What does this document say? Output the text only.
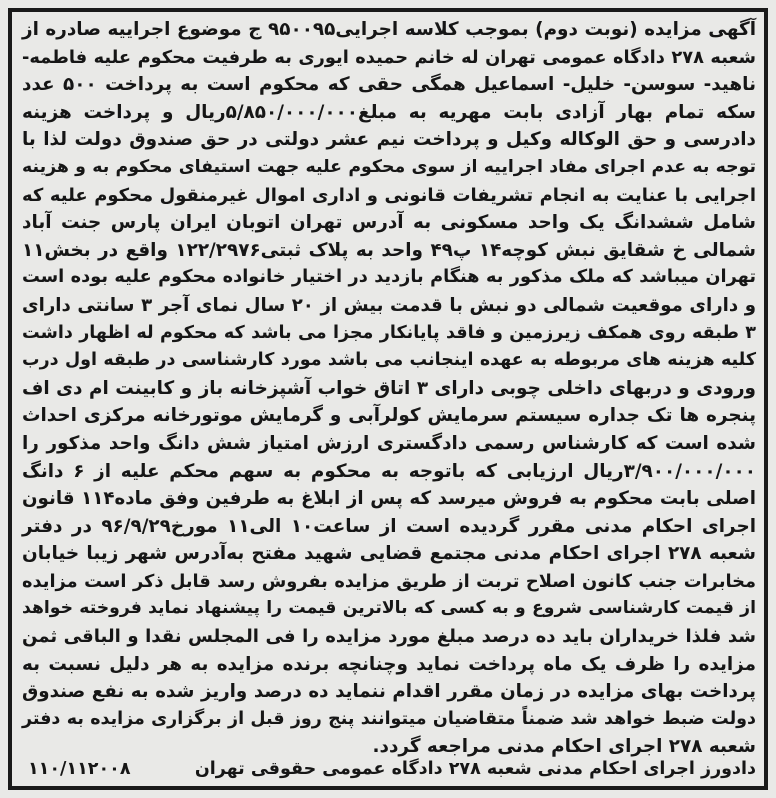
آگهی مزایده (نوبت دوم) بموجب کلاسه اجرایی۹۵۰۰۹۵ ج موضوع اجراییه صادره از
شعبه ۲۷۸ دادگاه عمومی تهران له خانم حمیده ایوری به طرفیت محکوم علیه فاطمه-
ناهید- سوسن- خلیل- اسماعیل همگی حقی که محکوم است به پرداخت ۵۰۰ عدد
سکه تمام بهار آزادی بابت مهریه به مبلغ۵/۸۵۰/۰۰۰/۰۰۰ریال و پرداخت هزینه
دادرسی و حق الوکاله وکیل و پرداخت نیم عشر دولتی در حق صندوق دولت لذا با
توجه به عدم اجرای مفاد اجراییه از سوی محکوم علیه جهت استیفای محکوم به و هزینه
اجرایی با عنایت به انجام تشریفات قانونی و اداری اموال غیرمنقول محکوم علیه که
شامل ششدانگ یک واحد مسکونی به آدرس تهران اتوبان ایران پارس جنت آباد
شمالی خ شقایق نبش کوچه۱۴ پ۴۹ واحد به پلاک ثبتی۱۲۲/۲۹۷۶ واقع در بخش۱۱
تهران میباشد که ملک مذکور به هنگام بازدید در اختیار خانواده محکوم علیه بوده است
و دارای موقعیت شمالی دو نبش با قدمت بیش از ۲۰ سال نمای آجر ۳ سانتی دارای
۳ طبقه روی همکف زیرزمین و فاقد پایانکار مجزا می باشد که محکوم له اظهار داشت
کلیه هزینه های مربوطه به عهده اینجانب می باشد مورد کارشناسی در طبقه اول درب
ورودی و دربهای داخلی چوبی دارای ۳ اتاق خواب آشپزخانه باز و کابینت ام دی اف
پنجره ها تک جداره سیستم سرمایش کولرآبی و گرمایش موتورخانه مرکزی احداث
شده است که کارشناس رسمی دادگستری ارزش امتیاز شش دانگ واحد مذکور را
۳/۹۰۰/۰۰۰/۰۰۰ریال ارزیابی که باتوجه به محکوم به سهم محکم علیه از ۶ دانگ
اصلی بابت محکوم به فروش میرسد که پس از ابلاغ به طرفین وفق ماده۱۱۴ قانون
اجرای احکام مدنی مقرر گردیده است از ساعت۱۰ الی۱۱ مورخ۹۶/۹/۲۹ در دفتر
شعبه ۲۷۸ اجرای احکام مدنی مجتمع قضایی شهید مفتح به‌آدرس شهر زیبا خیابان
مخابرات جنب کانون اصلاح تربت از طریق مزایده بفروش رسد قابل ذکر است مزایده
از قیمت کارشناسی شروع و به کسی که بالاترین قیمت را پیشنهاد نماید فروخته خواهد
شد فلذا خریداران باید ده درصد مبلغ مورد مزایده را فی المجلس نقدا و الباقی ثمن
مزایده را ظرف یک ماه پرداخت نماید وچنانچه برنده مزایده به هر دلیل نسبت به
پرداخت بهای مزایده در زمان مقرر اقدام ننماید ده درصد واریز شده به نفع صندوق
دولت ضبط خواهد شد ضمناً متقاضیان میتوانند پنج روز قبل از برگزاری مزایده به دفتر
شعبه ۲۷۸ اجرای احکام مدنی مراجعه گردد.
دادورز اجرای احکام مدنی شعبه ۲۷۸ دادگاه عمومی حقوقی تهران
۱۱۰/۱۱۲۰۰۸
